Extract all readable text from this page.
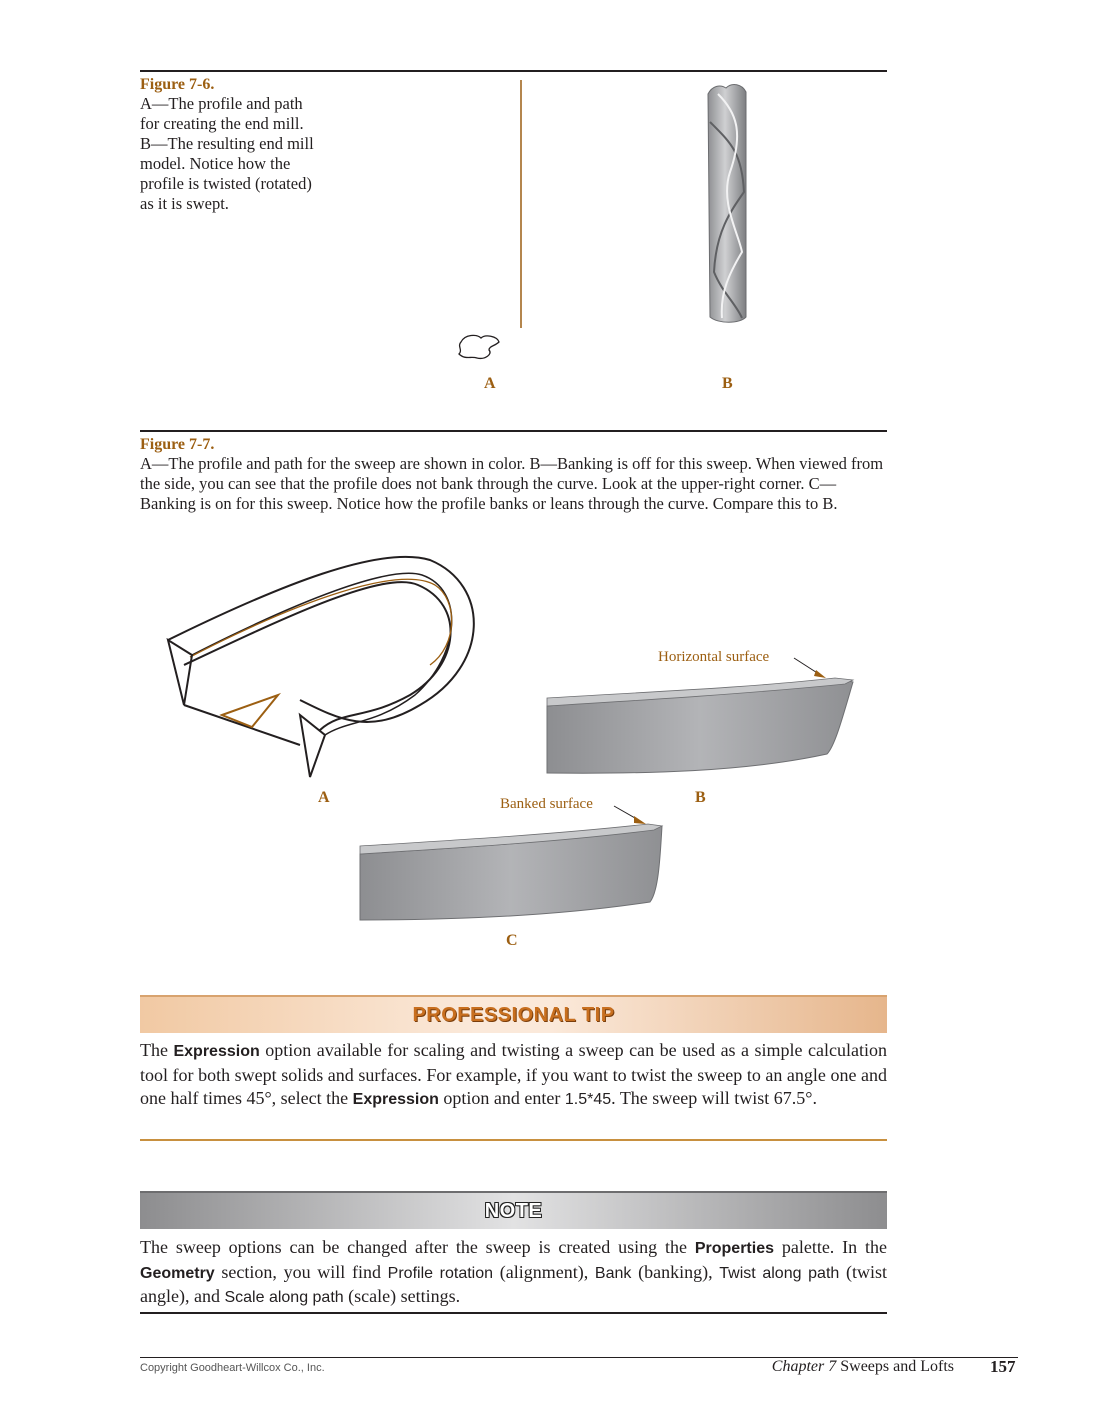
Figure 7-6.
A—The profile and path for creating the end mill. B—The resulting end mill model. Notice how the profile is twisted (rotated) as it is swept.
A	B
Figure 7-7.
A—The profile and path for the sweep are shown in color. B—Banking is off for this sweep. When viewed from the side, you can see that the profile does not bank through the curve. Look at the upper-right corner. C—Banking is on for this sweep. Notice how the profile banks or leans through the curve. Compare this to B.
Horizontal surface
A	B
Banked surface
C
PROFESSIONAL TIP
The Expression option available for scaling and twisting a sweep can be used as a simple calculation tool for both swept solids and surfaces. For example, if you want to twist the sweep to an angle one and one half times 45°, select the Expression option and enter 1.5*45. The sweep will twist 67.5°.
NOTE
The sweep options can be changed after the sweep is created using the Properties palette. In the Geometry section, you will find Profile rotation (alignment), Bank (banking), Twist along path (twist angle), and Scale along path (scale) settings.
Copyright Goodheart-Willcox Co., Inc.	Chapter 7 Sweeps and Lofts 157
